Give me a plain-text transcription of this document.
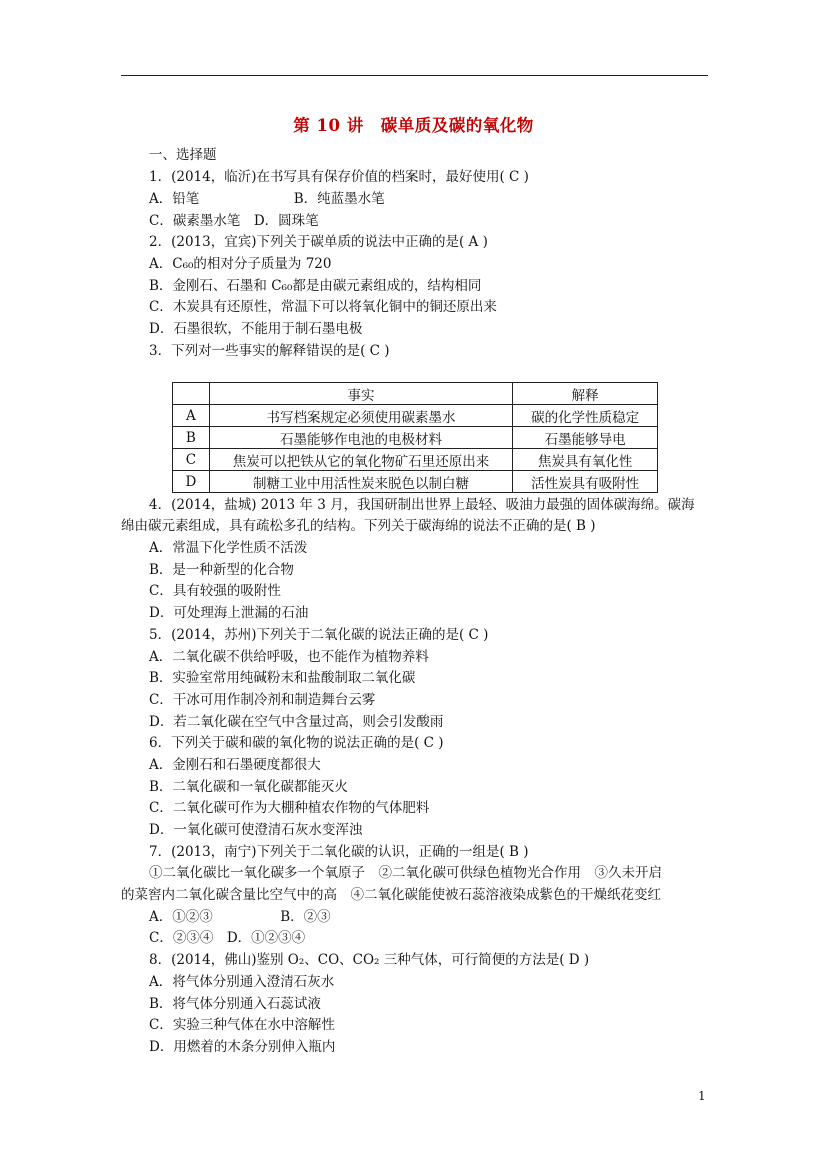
第 10 讲　碳单质及碳的氧化物
一、选择题
1．(2014，临沂)在书写具有保存价值的档案时，最好使用( C )
A．铅笔　　　　　　　B．纯蓝墨水笔
C．碳素墨水笔　D．圆珠笔
2．(2013，宜宾)下列关于碳单质的说法中正确的是( A )
A．C₆₀的相对分子质量为 720
B．金刚石、石墨和 C₆₀都是由碳元素组成的，结构相同
C．木炭具有还原性，常温下可以将氧化铜中的铜还原出来
D．石墨很软，不能用于制石墨电极
3．下列对一些事实的解释错误的是( C )
	事实	解释
A	书写档案规定必须使用碳素墨水	碳的化学性质稳定
B	石墨能够作电池的电极材料	石墨能够导电
C	焦炭可以把铁从它的氧化物矿石里还原出来	焦炭具有氧化性
D	制糖工业中用活性炭来脱色以制白糖	活性炭具有吸附性
4．(2014，盐城) 2013 年 3 月，我国研制出世界上最轻、吸油力最强的固体碳海绵。碳海
绵由碳元素组成，具有疏松多孔的结构。下列关于碳海绵的说法不正确的是( B )
A．常温下化学性质不活泼
B．是一种新型的化合物
C．具有较强的吸附性
D．可处理海上泄漏的石油
5．(2014，苏州)下列关于二氧化碳的说法正确的是( C )
A．二氧化碳不供给呼吸，也不能作为植物养料
B．实验室常用纯碱粉末和盐酸制取二氧化碳
C．干冰可用作制冷剂和制造舞台云雾
D．若二氧化碳在空气中含量过高，则会引发酸雨
6．下列关于碳和碳的氧化物的说法正确的是( C )
A．金刚石和石墨硬度都很大
B．二氧化碳和一氧化碳都能灭火
C．二氧化碳可作为大棚种植农作物的气体肥料
D．一氧化碳可使澄清石灰水变浑浊
7．(2013，南宁)下列关于二氧化碳的认识，正确的一组是( B )
①二氧化碳比一氧化碳多一个氧原子　②二氧化碳可供绿色植物光合作用　③久未开启
的菜窖内二氧化碳含量比空气中的高　④二氧化碳能使被石蕊溶液染成紫色的干燥纸花变红
A．①②③　　　　　B．②③
C．②③④　D．①②③④
8．(2014，佛山)鉴别 O₂、CO、CO₂ 三种气体，可行简便的方法是( D )
A．将气体分别通入澄清石灰水
B．将气体分别通入石蕊试液
C．实验三种气体在水中溶解性
D．用燃着的木条分别伸入瓶内
1
